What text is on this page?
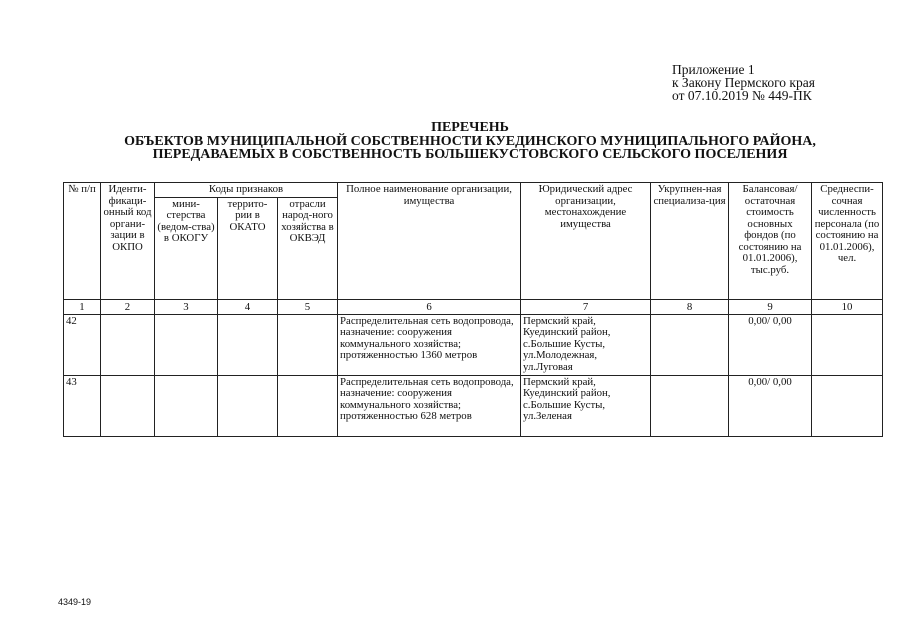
Приложение 1
к Закону Пермского края
от 07.10.2019 № 449-ПК
ПЕРЕЧЕНЬ
ОБЪЕКТОВ МУНИЦИПАЛЬНОЙ СОБСТВЕННОСТИ КУЕДИНСКОГО МУНИЦИПАЛЬНОГО РАЙОНА,
ПЕРЕДАВАЕМЫХ В СОБСТВЕННОСТЬ БОЛЬШЕКУСТОВСКОГО СЕЛЬСКОГО ПОСЕЛЕНИЯ
№ п/п	Иденти-фикаци-онный код органи-зации в ОКПО	Коды признаков			Полное наименование организации, имущества	Юридический адрес организации, местонахождение имущества	Укрупнен-ная специализа-ция	Балансовая/ остаточная стоимость основных фондов (по состоянию на 01.01.2006), тыс.руб.	Среднеспи-сочная численность персонала (по состоянию на 01.01.2006), чел.
		мини-стерства (ведом-ства) в ОКОГУ	террито-рии в ОКАТО	отрасли народ-ного хозяйства в ОКВЭД					
1	2	3	4	5	6	7	8	9	10
42					Распределительная сеть водопровода, назначение: сооружения коммунального хозяйства; протяженностью 1360 метров	Пермский край, Куединский район, с.Большие Кусты, ул.Молодежная, ул.Луговая		0,00/ 0,00	
43					Распределительная сеть водопровода, назначение: сооружения коммунального хозяйства; протяженностью 628 метров	Пермский край, Куединский район, с.Большие Кусты, ул.Зеленая		0,00/ 0,00	
4349-19
